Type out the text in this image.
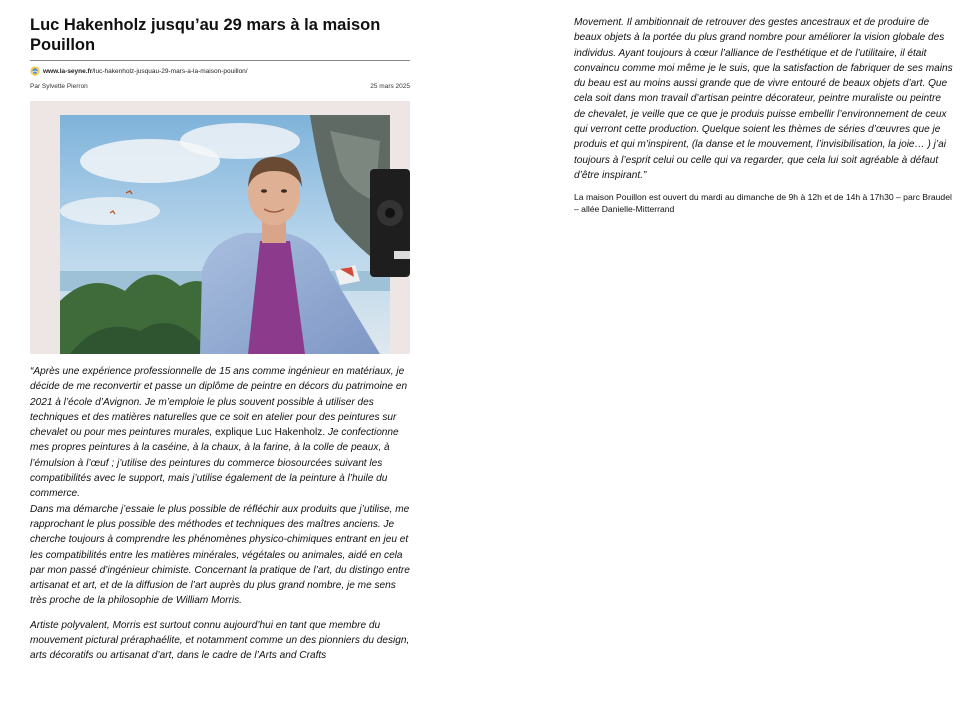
Luc Hakenholz jusqu’au 29 mars à la maison Pouillon
www.la-seyne.fr /luc-hakenholz-jusquau-29-mars-a-la-maison-pouillon/
Par Sylvette Pierron	25 mars 2025

“Après une expérience professionnelle de 15 ans comme ingénieur en matériaux, je décide de me reconvertir et passe un diplôme de peintre en décors du patrimoine en 2021 à l’école d’Avignon. Je m’emploie le plus souvent possible à utiliser des techniques et des matières naturelles que ce soit en atelier pour des peintures sur chevalet ou pour mes peintures murales, explique Luc Hakenholz. Je confectionne mes propres peintures à la caséine, à la chaux, à la farine, à la colle de peaux, à l’émulsion à l’œuf ; j’utilise des peintures du commerce biosourcées suivant les compatibilités avec le support, mais j’utilise également de la peinture à l’huile du commerce.
Dans ma démarche j’essaie le plus possible de réfléchir aux produits que j’utilise, me rapprochant le plus possible des méthodes et techniques des maîtres anciens. Je cherche toujours à comprendre les phénomènes physico-chimiques entrant en jeu et les compatibilités entre les matières minérales, végétales ou animales, aidé en cela par mon passé d’ingénieur chimiste. Concernant la pratique de l’art, du distingo entre artisanat et art, et de la diffusion de l’art auprès du plus grand nombre, je me sens très proche de la philosophie de William Morris.

Artiste polyvalent, Morris est surtout connu aujourd’hui en tant que membre du mouvement pictural préraphaélite, et notamment comme un des pionniers du design, arts décoratifs ou artisanat d’art, dans le cadre de l’Arts and Crafts

Movement. Il ambitionnait de retrouver des gestes ancestraux et de produire de beaux objets à la portée du plus grand nombre pour améliorer la vision globale des individus. Ayant toujours à cœur l’alliance de l’esthétique et de l’utilitaire, il était convaincu comme moi même je le suis, que la satisfaction de fabriquer de ses mains du beau est au moins aussi grande que de vivre entouré de beaux objets d’art. Que cela soit dans mon travail d’artisan peintre décorateur, peintre muraliste ou peintre de chevalet, je veille que ce que je produis puisse embellir l’environnement de ceux qui verront cette production. Quelque soient les thèmes de séries d’œuvres que je produis et qui m’inspirent, (la danse et le mouvement, l’invisibilisation, la joie… ) j’ai toujours à l’esprit celui ou celle qui va regarder, que cela lui soit agréable à défaut d’être inspirant.”

La maison Pouillon est ouvert du mardi au dimanche de 9h à 12h et de 14h à 17h30 – parc Braudel – allée Danielle-Mitterrand
